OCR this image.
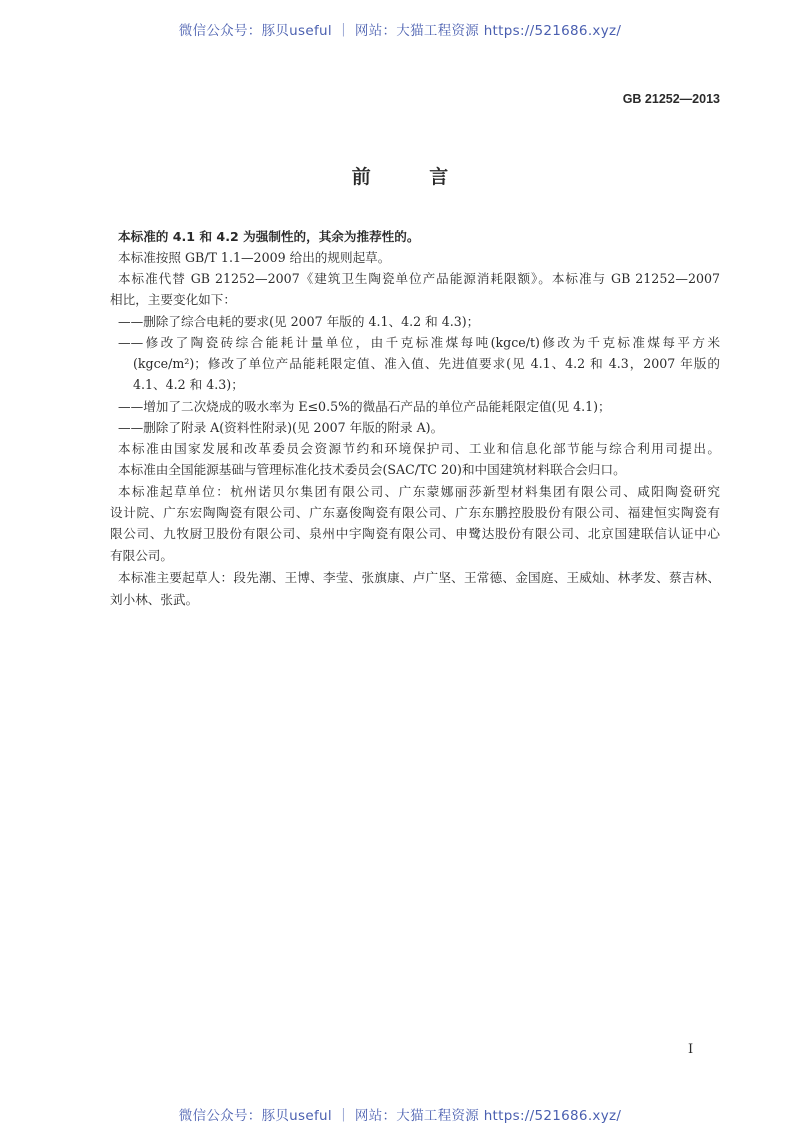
微信公众号：豚贝useful ｜ 网站：大猫工程资源 https://521686.xyz/
GB 21252—2013
前 言
本标准的 4.1 和 4.2 为强制性的，其余为推荐性的。
本标准按照 GB/T 1.1—2009 给出的规则起草。
本标准代替 GB 21252—2007《建筑卫生陶瓷单位产品能源消耗限额》。本标准与 GB 21252—2007
相比，主要变化如下：
——删除了综合电耗的要求(见 2007 年版的 4.1、4.2 和 4.3)；
——修改了陶瓷砖综合能耗计量单位，由千克标准煤每吨(kgce/t)修改为千克标准煤每平方米
(kgce/m²)；修改了单位产品能耗限定值、准入值、先进值要求(见 4.1、4.2 和 4.3，2007 年版的
4.1、4.2 和 4.3)；
——增加了二次烧成的吸水率为 E≤0.5%的微晶石产品的单位产品能耗限定值(见 4.1)；
——删除了附录 A(资料性附录)(见 2007 年版的附录 A)。
本标准由国家发展和改革委员会资源节约和环境保护司、工业和信息化部节能与综合利用司提出。
本标准由全国能源基础与管理标准化技术委员会(SAC/TC 20)和中国建筑材料联合会归口。
本标准起草单位：杭州诺贝尔集团有限公司、广东蒙娜丽莎新型材料集团有限公司、咸阳陶瓷研究
设计院、广东宏陶陶瓷有限公司、广东嘉俊陶瓷有限公司、广东东鹏控股股份有限公司、福建恒实陶瓷有
限公司、九牧厨卫股份有限公司、泉州中宇陶瓷有限公司、申鹭达股份有限公司、北京国建联信认证中心
有限公司。
本标准主要起草人：段先潮、王博、李莹、张旗康、卢广坚、王常德、金国庭、王威灿、林孝发、蔡吉林、
刘小林、张武。
I
微信公众号：豚贝useful ｜ 网站：大猫工程资源 https://521686.xyz/
